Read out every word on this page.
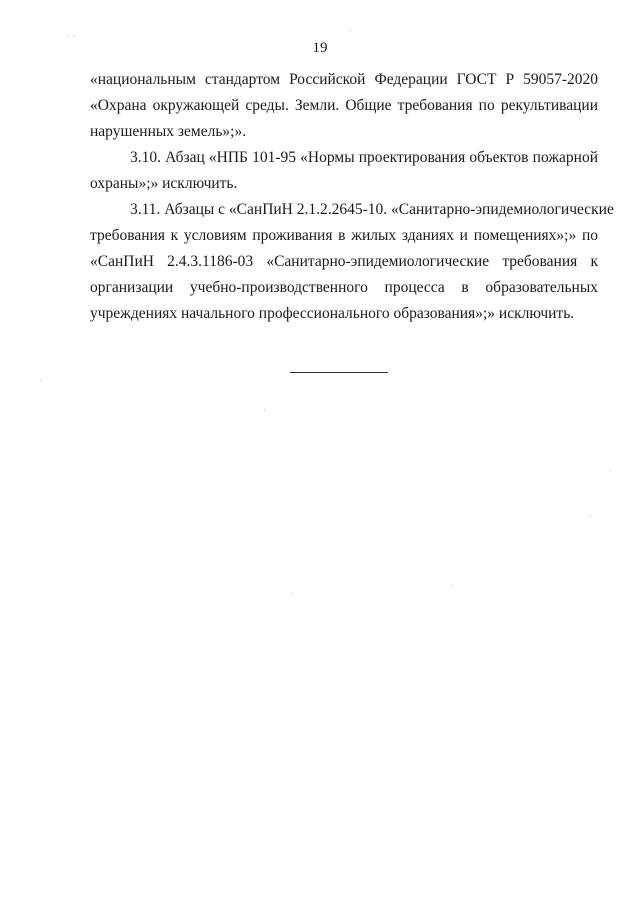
19

«национальным стандартом Российской Федерации ГОСТ Р 59057-2020
«Охрана окружающей среды. Земли. Общие требования по рекультивации
нарушенных земель»;».

3.10. Абзац «НПБ 101-95 «Нормы проектирования объектов пожарной
охраны»;» исключить.

3.11. Абзацы с «СанПиН 2.1.2.2645-10. «Санитарно-эпидемиологические
требования к условиям проживания в жилых зданиях и помещениях»;» по
«СанПиН 2.4.3.1186-03 «Санитарно-эпидемиологические требования к
организации учебно-производственного процесса в образовательных
учреждениях начального профессионального образования»;» исключить.
